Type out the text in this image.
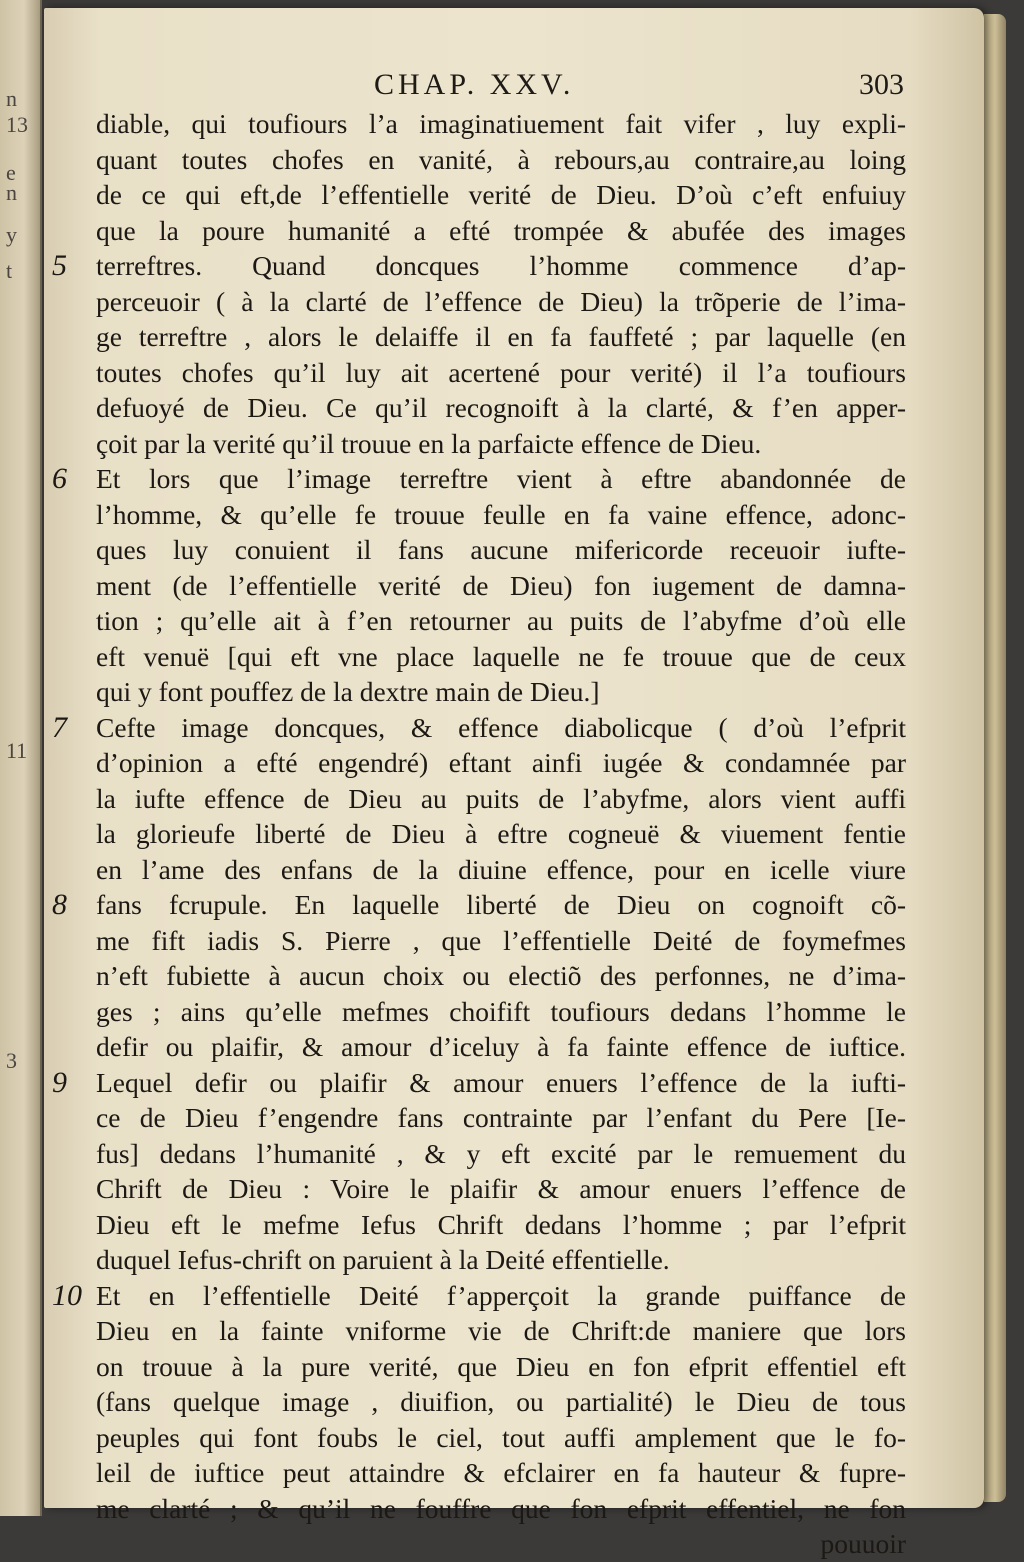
n 13
e
n
y
t
11
3
CHAP. XXV.	303
diable, qui toufiours l’a imaginatiuement fait vifer , luy expli-
quant toutes chofes en vanité, à rebours,au contraire,au loing
de ce qui eft,de l’effentielle verité de Dieu. D’où c’eft enfuiuy
que la poure humanité a efté trompée & abufée des images
5 terreftres. Quand doncques l’homme commence d’ap-
perceuoir ( à la clarté de l’effence de Dieu) la trõperie de l’ima-
ge terreftre , alors le delaiffe il en fa fauffeté ; par laquelle (en
toutes chofes qu’il luy ait acertené pour verité) il l’a toufiours
defuoyé de Dieu. Ce qu’il recognoift à la clarté, & f’en apper-
çoit par la verité qu’il trouue en la parfaicte effence de Dieu.
6 Et lors que l’image terreftre vient à eftre abandonnée de
l’homme, & qu’elle fe trouue feulle en fa vaine effence, adonc-
ques luy conuient il fans aucune mifericorde receuoir iufte-
ment (de l’effentielle verité de Dieu) fon iugement de damna-
tion ; qu’elle ait à f’en retourner au puits de l’abyfme d’où elle
eft venuë [qui eft vne place laquelle ne fe trouue que de ceux
qui y font pouffez de la dextre main de Dieu.]
7 Cefte image doncques, & effence diabolicque ( d’où l’efprit
d’opinion a efté engendré) eftant ainfi iugée & condamnée par
la iufte effence de Dieu au puits de l’abyfme, alors vient auffi
la glorieufe liberté de Dieu à eftre cogneuë & viuement fentie
en l’ame des enfans de la diuine effence, pour en icelle viure
8 fans fcrupule. En laquelle liberté de Dieu on cognoift cõ-
me fift iadis S. Pierre , que l’effentielle Deité de foymefmes
n’eft fubiette à aucun choix ou electiõ des perfonnes, ne d’ima-
ges ; ains qu’elle mefmes choifift toufiours dedans l’homme le
defir ou plaifir, & amour d’iceluy à fa fainte effence de iuftice.
9 Lequel defir ou plaifir & amour enuers l’effence de la iufti-
ce de Dieu f’engendre fans contrainte par l’enfant du Pere [Ie-
fus] dedans l’humanité , & y eft excité par le remuement du
Chrift de Dieu : Voire le plaifir & amour enuers l’effence de
Dieu eft le mefme Iefus Chrift dedans l’homme ; par l’efprit
duquel Iefus-chrift on paruient à la Deité effentielle.
10 Et en l’effentielle Deité f’apperçoit la grande puiffance de
Dieu en la fainte vniforme vie de Chrift:de maniere que lors
on trouue à la pure verité, que Dieu en fon efprit effentiel eft
(fans quelque image , diuifion, ou partialité) le Dieu de tous
peuples qui font foubs le ciel, tout auffi amplement que le fo-
leil de iuftice peut attaindre & efclairer en fa hauteur & fupre-
me clarté ; & qu’il ne fouffre que fon efprit effentiel, ne fon
pouuoir
